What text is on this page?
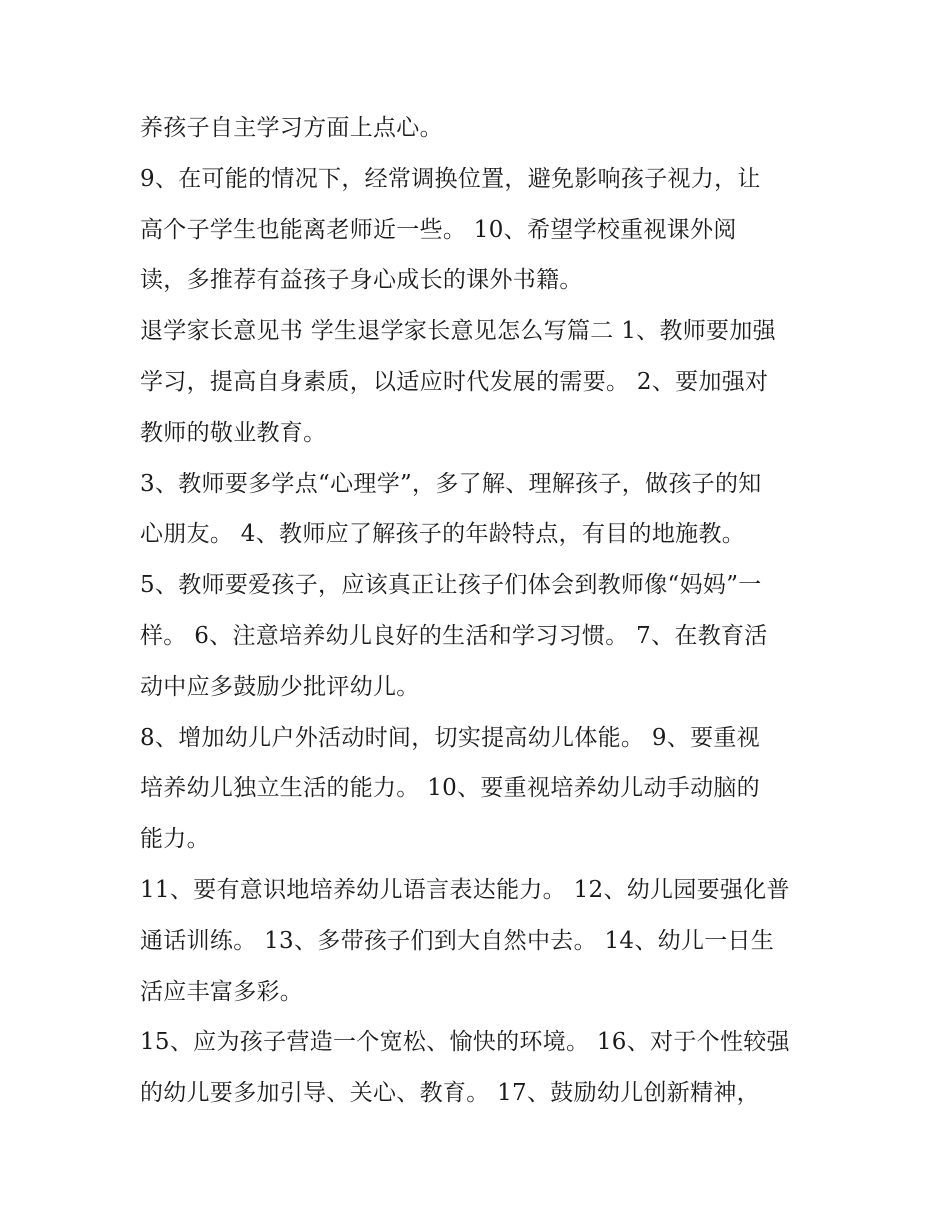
养孩子自主学习方面上点心。
9、在可能的情况下，经常调换位置，避免影响孩子视力，让
高个子学生也能离老师近一些。 10、希望学校重视课外阅
读，多推荐有益孩子身心成长的课外书籍。
退学家长意见书 学生退学家长意见怎么写篇二 1、教师要加强
学习，提高自身素质，以适应时代发展的需要。 2、要加强对
教师的敬业教育。
3、教师要多学点“心理学”，多了解、理解孩子，做孩子的知
心朋友。 4、教师应了解孩子的年龄特点，有目的地施教。
5、教师要爱孩子，应该真正让孩子们体会到教师像“妈妈”一
样。 6、注意培养幼儿良好的生活和学习习惯。 7、在教育活
动中应多鼓励少批评幼儿。
8、增加幼儿户外活动时间，切实提高幼儿体能。 9、要重视
培养幼儿独立生活的能力。 10、要重视培养幼儿动手动脑的
能力。
11、要有意识地培养幼儿语言表达能力。 12、幼儿园要强化普
通话训练。 13、多带孩子们到大自然中去。 14、幼儿一日生
活应丰富多彩。
15、应为孩子营造一个宽松、愉快的环境。 16、对于个性较强
的幼儿要多加引导、关心、教育。 17、鼓励幼儿创新精神，
